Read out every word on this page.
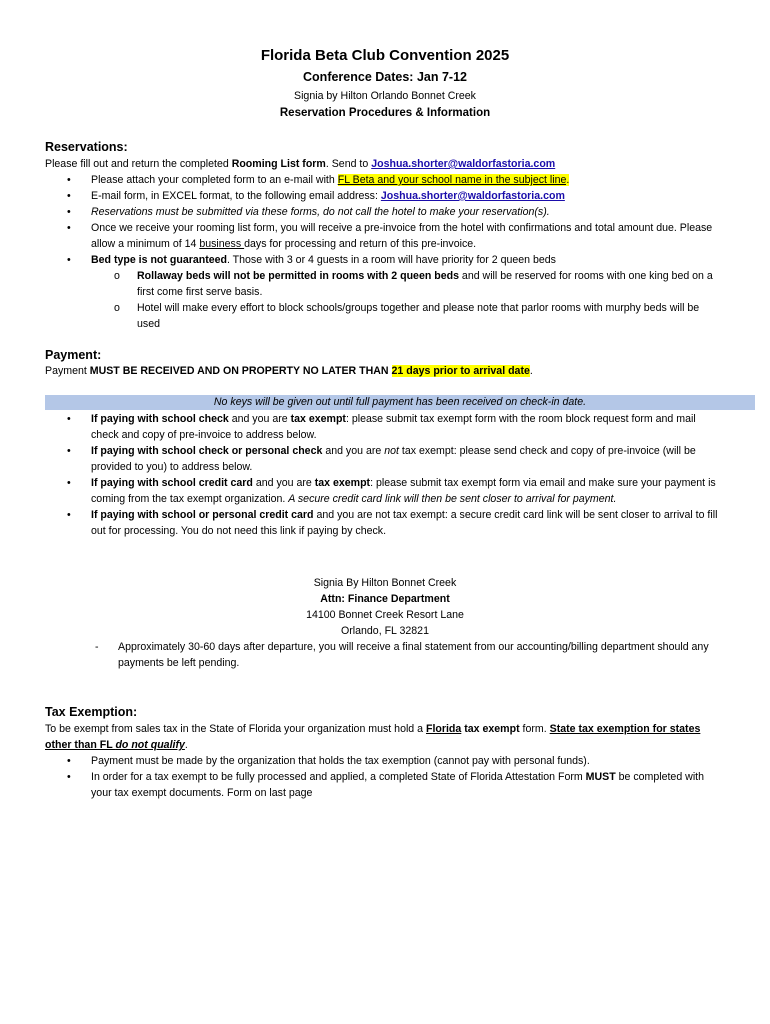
Florida Beta Club Convention 2025
Conference Dates: Jan 7-12
Signia by Hilton Orlando Bonnet Creek
Reservation Procedures & Information
Reservations:
Please fill out and return the completed Rooming List form. Send to Joshua.shorter@waldorfastoria.com
• Please attach your completed form to an e-mail with FL Beta and your school name in the subject line.
• E-mail form, in EXCEL format, to the following email address: Joshua.shorter@waldorfastoria.com
• Reservations must be submitted via these forms, do not call the hotel to make your reservation(s).
• Once we receive your rooming list form, you will receive a pre-invoice from the hotel with confirmations and total amount due. Please allow a minimum of 14 business days for processing and return of this pre-invoice.
• Bed type is not guaranteed. Those with 3 or 4 guests in a room will have priority for 2 queen beds
o Rollaway beds will not be permitted in rooms with 2 queen beds and will be reserved for rooms with one king bed on a first come first serve basis.
o Hotel will make every effort to block schools/groups together and please note that parlor rooms with murphy beds will be used
Payment:
Payment MUST BE RECEIVED AND ON PROPERTY NO LATER THAN 21 days prior to arrival date.
No keys will be given out until full payment has been received on check-in date.
• If paying with school check and you are tax exempt: please submit tax exempt form with the room block request form and mail check and copy of pre-invoice to address below.
• If paying with school check or personal check and you are not tax exempt: please send check and copy of pre-invoice (will be provided to you) to address below.
• If paying with school credit card and you are tax exempt: please submit tax exempt form via email and make sure your payment is coming from the tax exempt organization. A secure credit card link will then be sent closer to arrival for payment.
• If paying with school or personal credit card and you are not tax exempt: a secure credit card link will be sent closer to arrival to fill out for processing. You do not need this link if paying by check.
Signia By Hilton Bonnet Creek
Attn: Finance Department
14100 Bonnet Creek Resort Lane
Orlando, FL 32821
-	Approximately 30-60 days after departure, you will receive a final statement from our accounting/billing department should any payments be left pending.
Tax Exemption:
To be exempt from sales tax in the State of Florida your organization must hold a Florida tax exempt form. State tax exemption for states other than FL do not qualify.
• Payment must be made by the organization that holds the tax exemption (cannot pay with personal funds).
• In order for a tax exempt to be fully processed and applied, a completed State of Florida Attestation Form MUST be completed with your tax exempt documents. Form on last page
